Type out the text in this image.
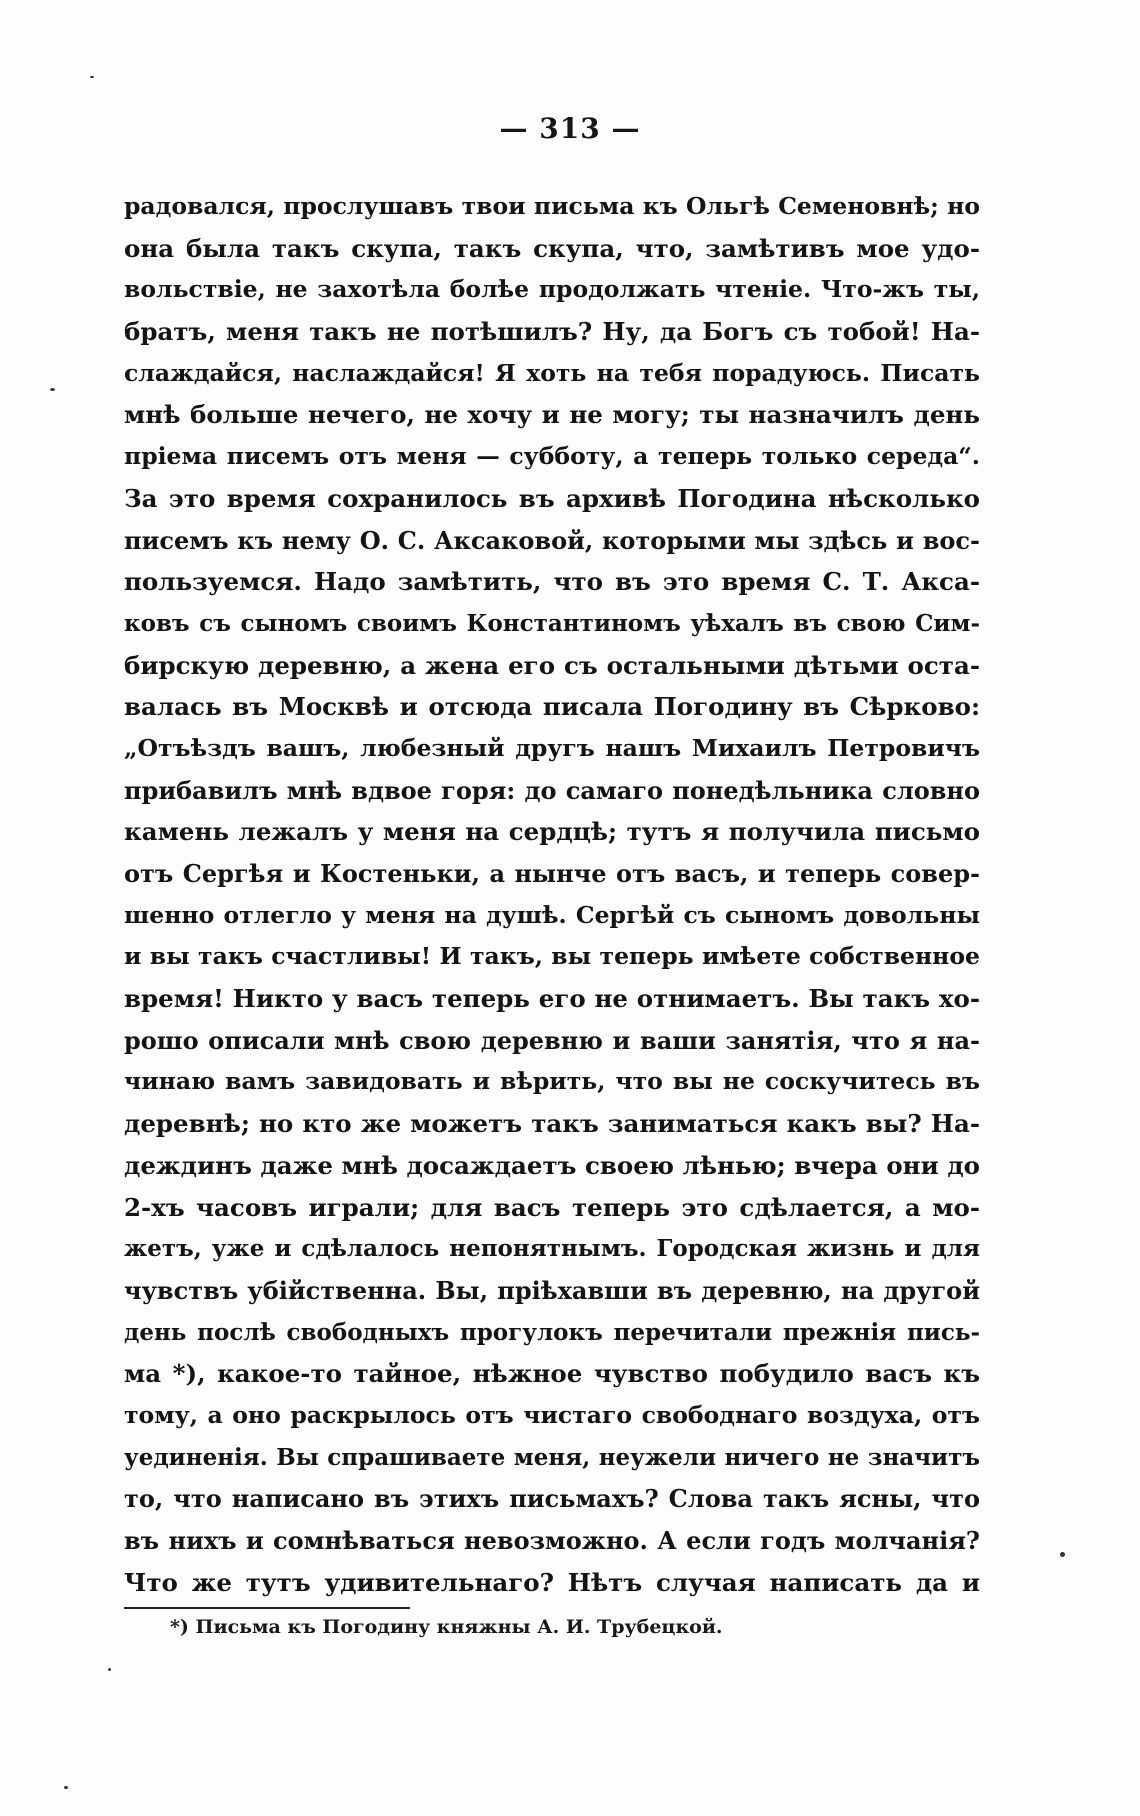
— 313 —
радовался, прослушавъ твои письма къ Ольгѣ Семеновнѣ; но
она была такъ скупа, такъ скупа, что, замѣтивъ мое удо-
вольствіе, не захотѣла болѣе продолжать чтеніе. Что-жъ ты,
братъ, меня такъ не потѣшилъ? Ну, да Богъ съ тобой! На-
слаждайся, наслаждайся! Я хоть на тебя порадуюсь. Писать
мнѣ больше нечего, не хочу и не могу; ты назначилъ день
пріема писемъ отъ меня — субботу, а теперь только середа“.
За это время сохранилось въ архивѣ Погодина нѣсколько
писемъ къ нему О. С. Аксаковой, которыми мы здѣсь и вос-
пользуемся. Надо замѣтить, что въ это время С. Т. Акса-
ковъ съ сыномъ своимъ Константиномъ уѣхалъ въ свою Сим-
бирскую деревню, а жена его съ остальными дѣтьми оста-
валась въ Москвѣ и отсюда писала Погодину въ Сѣрково:
„Отъѣздъ вашъ, любезный другъ нашъ Михаилъ Петровичъ
прибавилъ мнѣ вдвое горя: до самаго понедѣльника словно
камень лежалъ у меня на сердцѣ; тутъ я получила письмо
отъ Сергѣя и Костеньки, а нынче отъ васъ, и теперь совер-
шенно отлегло у меня на душѣ. Сергѣй съ сыномъ довольны
и вы такъ счастливы! И такъ, вы теперь имѣете собственное
время! Никто у васъ теперь его не отнимаетъ. Вы такъ хо-
рошо описали мнѣ свою деревню и ваши занятія, что я на-
чинаю вамъ завидовать и вѣрить, что вы не соскучитесь въ
деревнѣ; но кто же можетъ такъ заниматься какъ вы? На-
деждинъ даже мнѣ досаждаетъ своею лѣнью; вчера они до
2-хъ часовъ играли; для васъ теперь это сдѣлается, а мо-
жетъ, уже и сдѣлалось непонятнымъ. Городская жизнь и для
чувствъ убійственна. Вы, пріѣхавши въ деревню, на другой
день послѣ свободныхъ прогулокъ перечитали прежнія пись-
ма *), какое-то тайное, нѣжное чувство побудило васъ къ
тому, а оно раскрылось отъ чистаго свободнаго воздуха, отъ
уединенія. Вы спрашиваете меня, неужели ничего не значитъ
то, что написано въ этихъ письмахъ? Слова такъ ясны, что
въ нихъ и сомнѣваться невозможно. А если годъ молчанія?
Что же тутъ удивительнаго? Нѣтъ случая написать да и
*) Письма къ Погодину княжны А. И. Трубецкой.
